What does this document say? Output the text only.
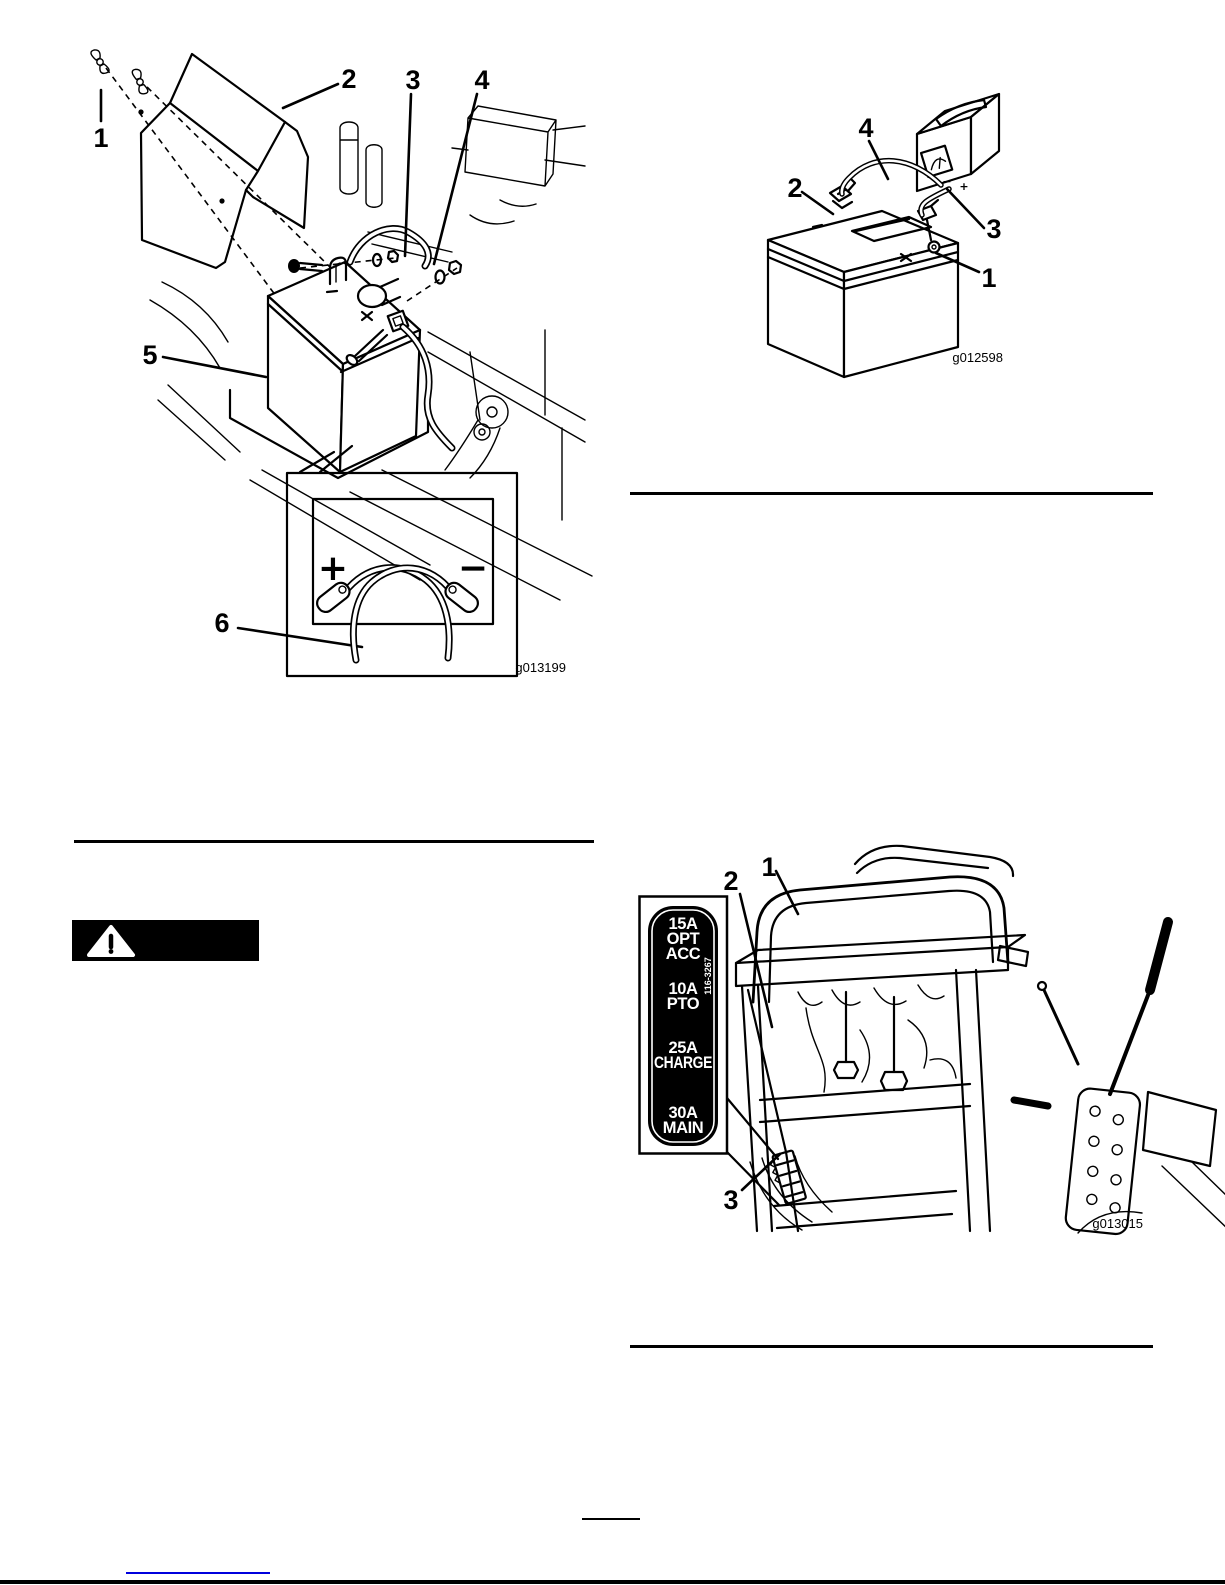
1
2 3 4
5
6
+	−
g013199
− +
4
2
3
1
g012598
15A
OPT
ACC
10A
PTO
25A
CHARGE
30A
MAIN
116-3267
1
2
3
g013015
